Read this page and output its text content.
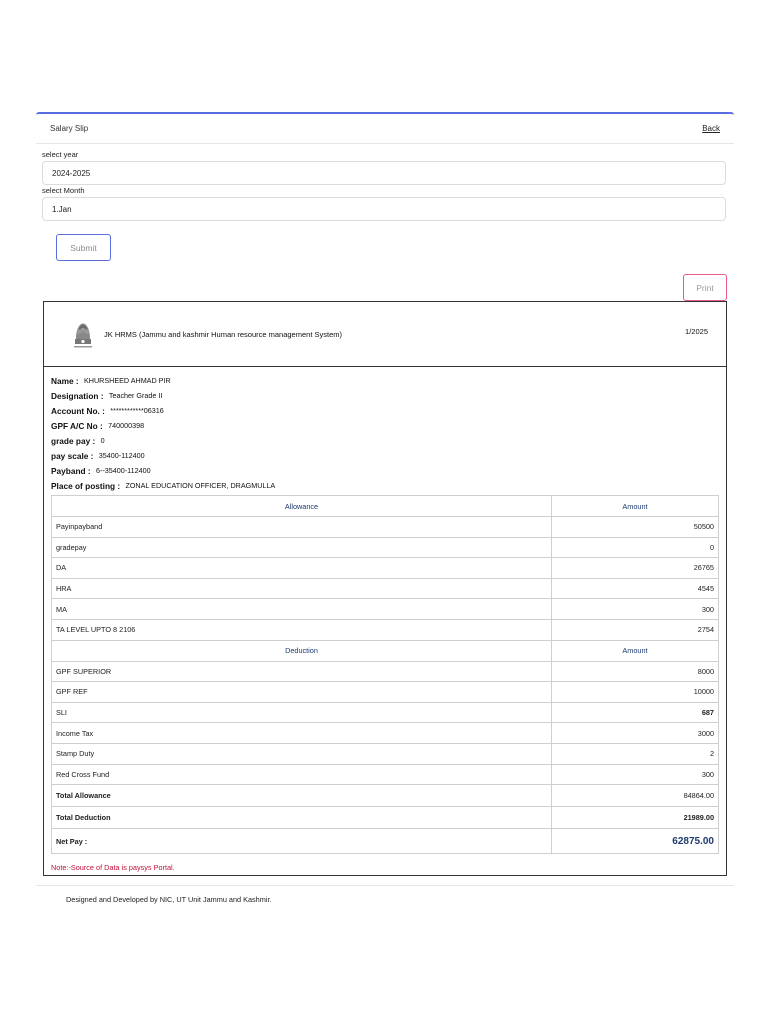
Salary Slip	Back
select year
2024-2025
select Month
1.Jan
Submit
Print
JK HRMS (Jammu and kashmir Human resource management System)	1/2025
Name : KHURSHEED AHMAD PIR
Designation : Teacher Grade II
Account No. : ************06316
GPF A/C No : 740000398
grade pay : 0
pay scale : 35400-112400
Payband : 6--35400-112400
Place of posting : ZONAL EDUCATION OFFICER, DRAGMULLA
Allowance	Amount
Payinpayband	50500
gradepay	0
DA	26765
HRA	4545
MA	300
TA LEVEL UPTO 8 2106	2754
Deduction	Amount
GPF SUPERIOR	8000
GPF REF	10000
SLI	687
Income Tax	3000
Stamp Duty	2
Red Cross Fund	300
Total Allowance	84864.00
Total Deduction	21989.00
Net Pay :	62875.00
Note:-Source of Data is paysys Portal.
Designed and Developed by NIC, UT Unit Jammu and Kashmir.
